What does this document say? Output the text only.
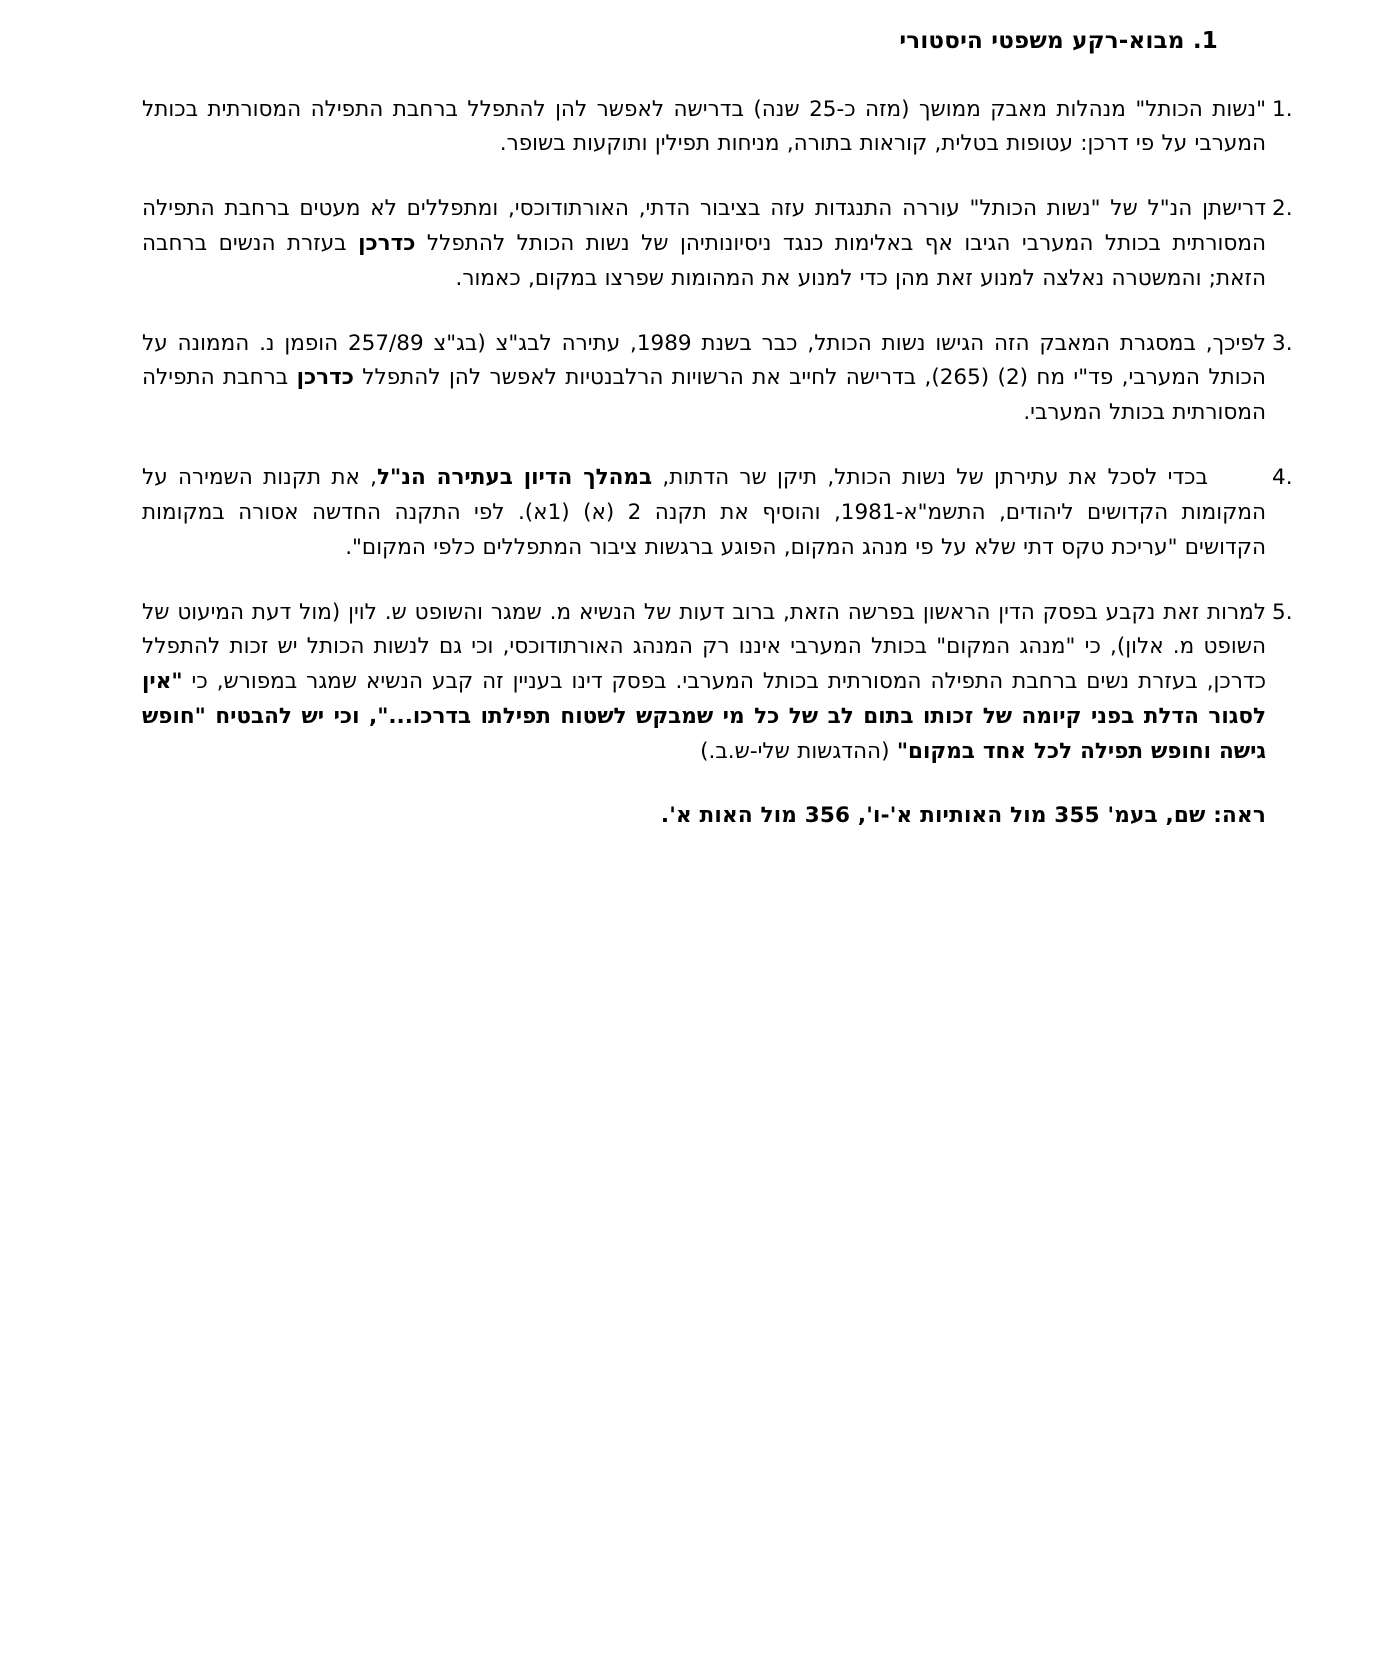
1. מבוא-רקע משפטי היסטורי
.1

"נשות הכותל" מנהלות מאבק ממושך (מזה כ-25 שנה) בדרישה לאפשר להן להתפלל ברחבת התפילה המסורתית בכותל המערבי על פי דרכן: עטופות בטלית, קוראות בתורה, מניחות תפילין ותוקעות בשופר.

.2

דרישתן הנ"ל של "נשות הכותל" עוררה התנגדות עזה בציבור הדתי, האורתודוכסי, ומתפללים לא מעטים ברחבת התפילה המסורתית בכותל המערבי הגיבו אף באלימות כנגד ניסיונותיהן של נשות הכותל להתפלל כדרכן בעזרת הנשים ברחבה הזאת; והמשטרה נאלצה למנוע זאת מהן כדי למנוע את המהומות שפרצו במקום, כאמור.

.3

לפיכך, במסגרת המאבק הזה הגישו נשות הכותל, כבר בשנת 1989, עתירה לבג"צ (בג"צ 257/89 הופמן נ. הממונה על הכותל המערבי, פד"י מח (2) (265), בדרישה לחייב את הרשויות הרלבנטיות לאפשר להן להתפלל כדרכן ברחבת התפילה המסורתית בכותל המערבי.

.4

בכדי לסכל את עתירתן של נשות הכותל, תיקן שר הדתות, במהלך הדיון בעתירה הנ"ל, את תקנות השמירה על המקומות הקדושים ליהודים, התשמ"א-1981, והוסיף את תקנה 2 (א) (1א). לפי התקנה החדשה אסורה במקומות הקדושים "עריכת טקס דתי שלא על פי מנהג המקום, הפוגע ברגשות ציבור המתפללים כלפי המקום".

.5

למרות זאת נקבע בפסק הדין הראשון בפרשה הזאת, ברוב דעות של הנשיא מ. שמגר והשופט ש. לוין (מול דעת המיעוט של השופט מ. אלון), כי "מנהג המקום" בכותל המערבי איננו רק המנהג האורתודוכסי, וכי גם לנשות הכותל יש זכות להתפלל כדרכן, בעזרת נשים ברחבת התפילה המסורתית בכותל המערבי. בפסק דינו בעניין זה קבע הנשיא שמגר במפורש, כי "אין לסגור הדלת בפני קיומה של זכותו בתום לב של כל מי שמבקש לשטוח תפילתו בדרכו...", וכי יש להבטיח "חופש גישה וחופש תפילה לכל אחד במקום" (ההדגשות שלי-ש.ב.)

ראה: שם, בעמ' 355 מול האותיות א'-ו', 356 מול האות א'.
